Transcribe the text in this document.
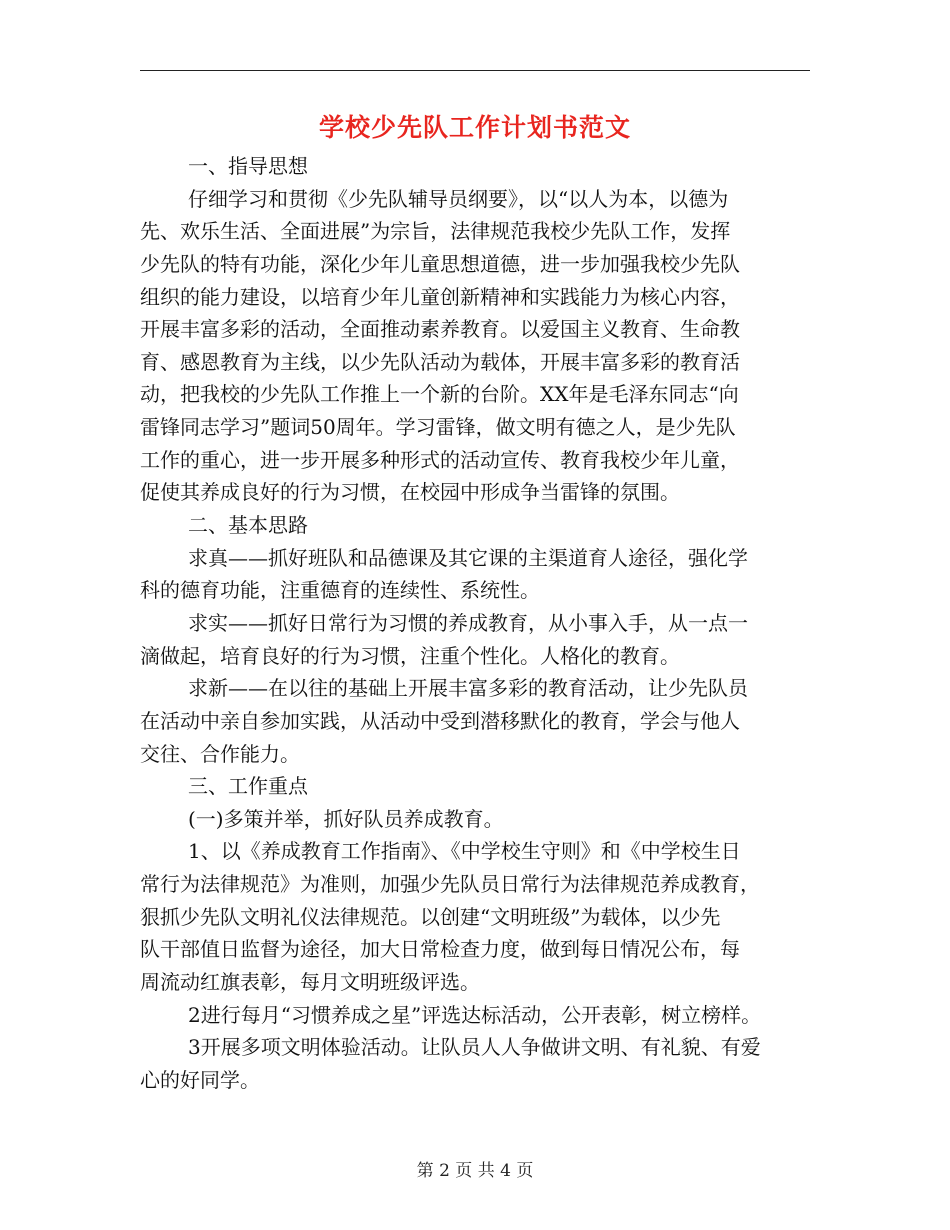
学校少先队工作计划书范文
一、指导思想
仔细学习和贯彻《少先队辅导员纲要》，以“以人为本，以德为
先、欢乐生活、全面进展”为宗旨，法律规范我校少先队工作，发挥
少先队的特有功能，深化少年儿童思想道德，进一步加强我校少先队
组织的能力建设，以培育少年儿童创新精神和实践能力为核心内容，
开展丰富多彩的活动，全面推动素养教育。以爱国主义教育、生命教
育、感恩教育为主线，以少先队活动为载体，开展丰富多彩的教育活
动，把我校的少先队工作推上一个新的台阶。XX年是毛泽东同志“向
雷锋同志学习”题词50周年。学习雷锋，做文明有德之人，是少先队
工作的重心，进一步开展多种形式的活动宣传、教育我校少年儿童，
促使其养成良好的行为习惯，在校园中形成争当雷锋的氛围。
二、基本思路
求真——抓好班队和品德课及其它课的主渠道育人途径，强化学
科的德育功能，注重德育的连续性、系统性。
求实——抓好日常行为习惯的养成教育，从小事入手，从一点一
滴做起，培育良好的行为习惯，注重个性化。人格化的教育。
求新——在以往的基础上开展丰富多彩的教育活动，让少先队员
在活动中亲自参加实践，从活动中受到潜移默化的教育，学会与他人
交往、合作能力。
三、工作重点
(一)多策并举，抓好队员养成教育。
1、以《养成教育工作指南》、《中学校生守则》和《中学校生日
常行为法律规范》为准则，加强少先队员日常行为法律规范养成教育，
狠抓少先队文明礼仪法律规范。以创建“文明班级”为载体，以少先
队干部值日监督为途径，加大日常检查力度，做到每日情况公布，每
周流动红旗表彰，每月文明班级评选。
2进行每月“习惯养成之星”评选达标活动，公开表彰，树立榜样。
3开展多项文明体验活动。让队员人人争做讲文明、有礼貌、有爱
心的好同学。
第 2 页 共 4 页
